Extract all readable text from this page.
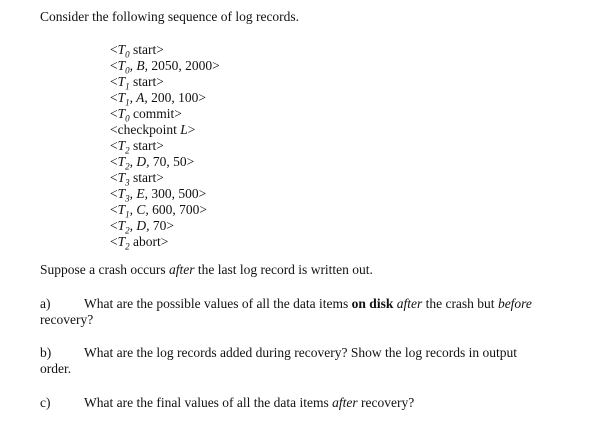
Consider the following sequence of log records.
$<T_0$ start>
$<T_0$, B, 2050, 2000>
$<T_1$ start>
$<T_1$, A, 200, 100>
$<T_0$ commit>
<checkpoint L>
$<T_2$ start>
$<T_2$, D, 70, 50>
$<T_3$ start>
$<T_3$, E, 300, 500>
$<T_1$, C, 600, 700>
$<T_2$, D, 70>
$<T_2$ abort>
Suppose a crash occurs after the last log record is written out.
a) What are the possible values of all the data items on disk after the crash but before
recovery?
b) What are the log records added during recovery? Show the log records in output
order.
c) What are the final values of all the data items after recovery?
